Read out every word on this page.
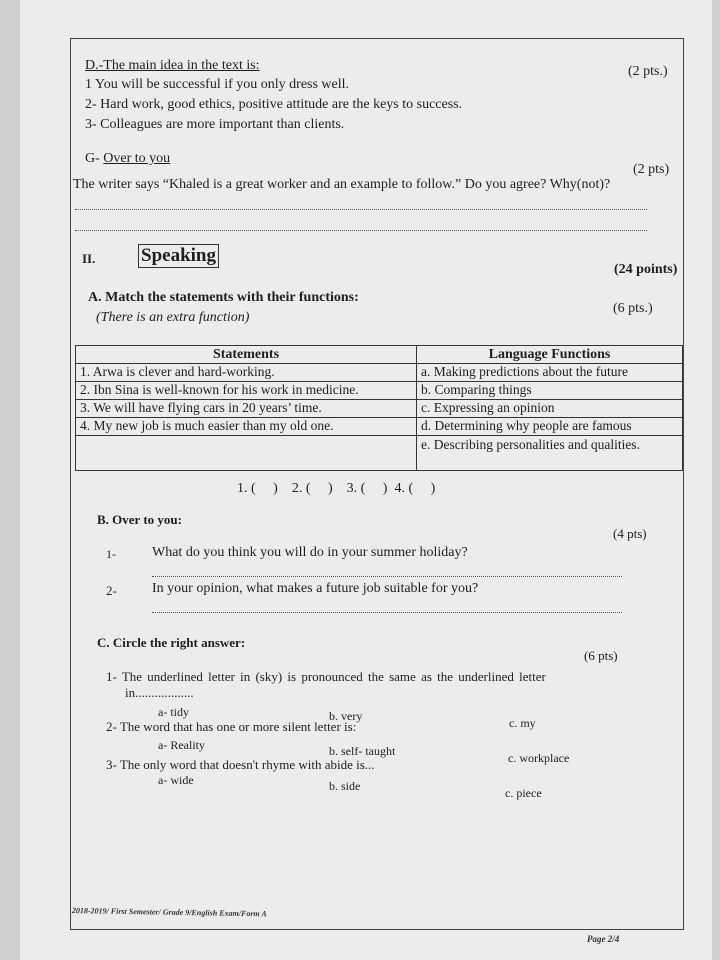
D.-The main idea in the text is:	(2 pts.)
1 You will be successful if you only dress well.
2- Hard work, good ethics, positive attitude are the keys to success.
3- Colleagues are more important than clients.
G- Over to you
(2 pts)
The writer says “Khaled is a great worker and an example to follow.” Do you agree? Why(not)?
II. Speaking
(24 points)
A. Match the statements with their functions:
(There is an extra function)
(6 pts.)
Statements	Language Functions
1. Arwa is clever and hard-working.	a. Making predictions about the future
2. Ibn Sina is well-known for his work in medicine.	b. Comparing things
3. We will have flying cars in 20 years’ time.	c. Expressing an opinion
4. My new job is much easier than my old one.	d. Determining why people are famous
	e. Describing personalities and qualities.
1. (     )    2. (     )    3. (     )  4. (     )
B. Over to you:
(4 pts)
1-	What do you think you will do in your summer holiday?
2-	In your opinion, what makes a future job suitable for you?
C. Circle the right answer:
(6 pts)
1- The underlined letter in (sky) is pronounced the same as the underlined letter
in..................
a- tidy	b. very	c. my
2- The word that has one or more silent letter is:
a- Reality	b. self- taught	c. workplace
3- The only word that doesn't rhyme with abide is...
a- wide	b. side	c. piece
2018-2019/ First Semester/ Grade 9/English Exam/Form A
Page 2/4
